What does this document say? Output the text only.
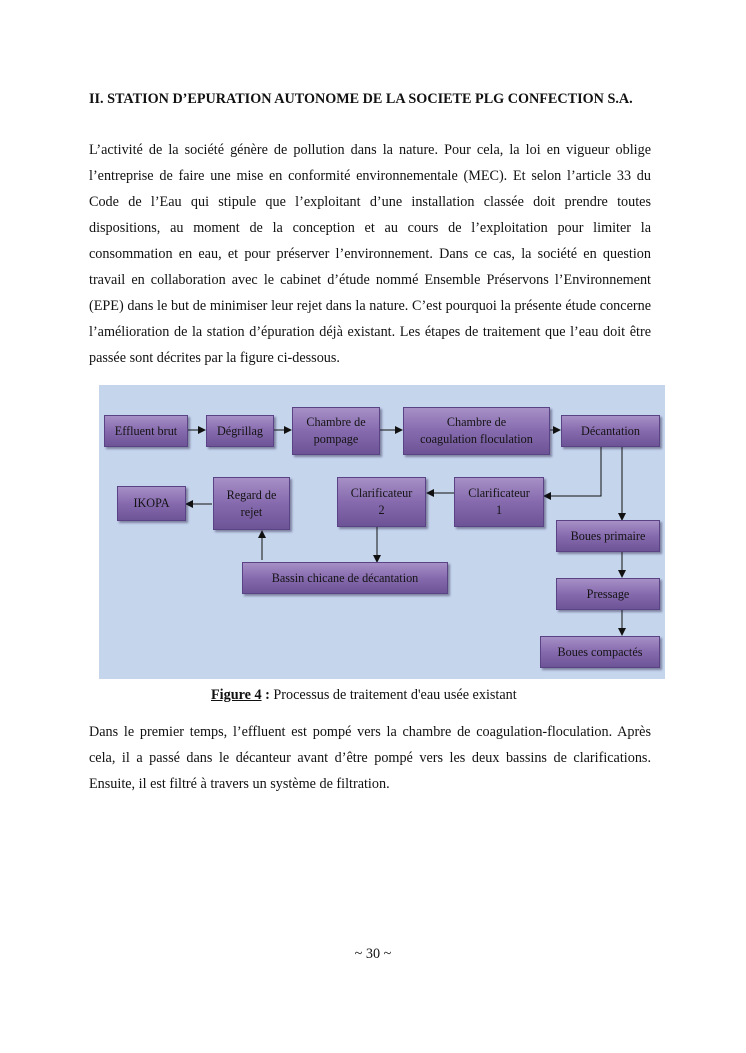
II. STATION D’EPURATION AUTONOME DE LA SOCIETE PLG CONFECTION S.A.

L’activité de la société génère de pollution dans la nature. Pour cela, la loi en vigueur oblige l’entreprise de faire une mise en conformité environnementale (MEC). Et selon l’article 33 du Code de l’Eau qui stipule que l’exploitant d’une installation classée doit prendre toutes dispositions, au moment de la conception et au cours de l’exploitation pour limiter la consommation en eau, et pour préserver l’environnement. Dans ce cas, la société en question travail en collaboration avec le cabinet d’étude nommé Ensemble Préservons l’Environnement (EPE) dans le but de minimiser leur rejet dans la nature. C’est pourquoi la présente étude concerne l’amélioration de la station d’épuration déjà existant. Les étapes de traitement que l’eau doit être passée sont décrites par la figure ci-dessous.

Effluent brut	Dégrillag
Chambre de
pompage
Chambre de
coagulation floculation
Décantation
IKOPA
Regard de
rejet
Clarificateur
2
Clarificateur
1
Boues primaire
Bassin chicane de décantation
Pressage
Boues compactés
Figure 4 : Processus de traitement d'eau usée existant

Dans le premier temps, l’effluent est pompé vers la chambre de coagulation-floculation. Après cela, il a passé dans le décanteur avant d’être pompé vers les deux bassins de clarifications. Ensuite, il est filtré à travers un système de filtration.

~ 30 ~
